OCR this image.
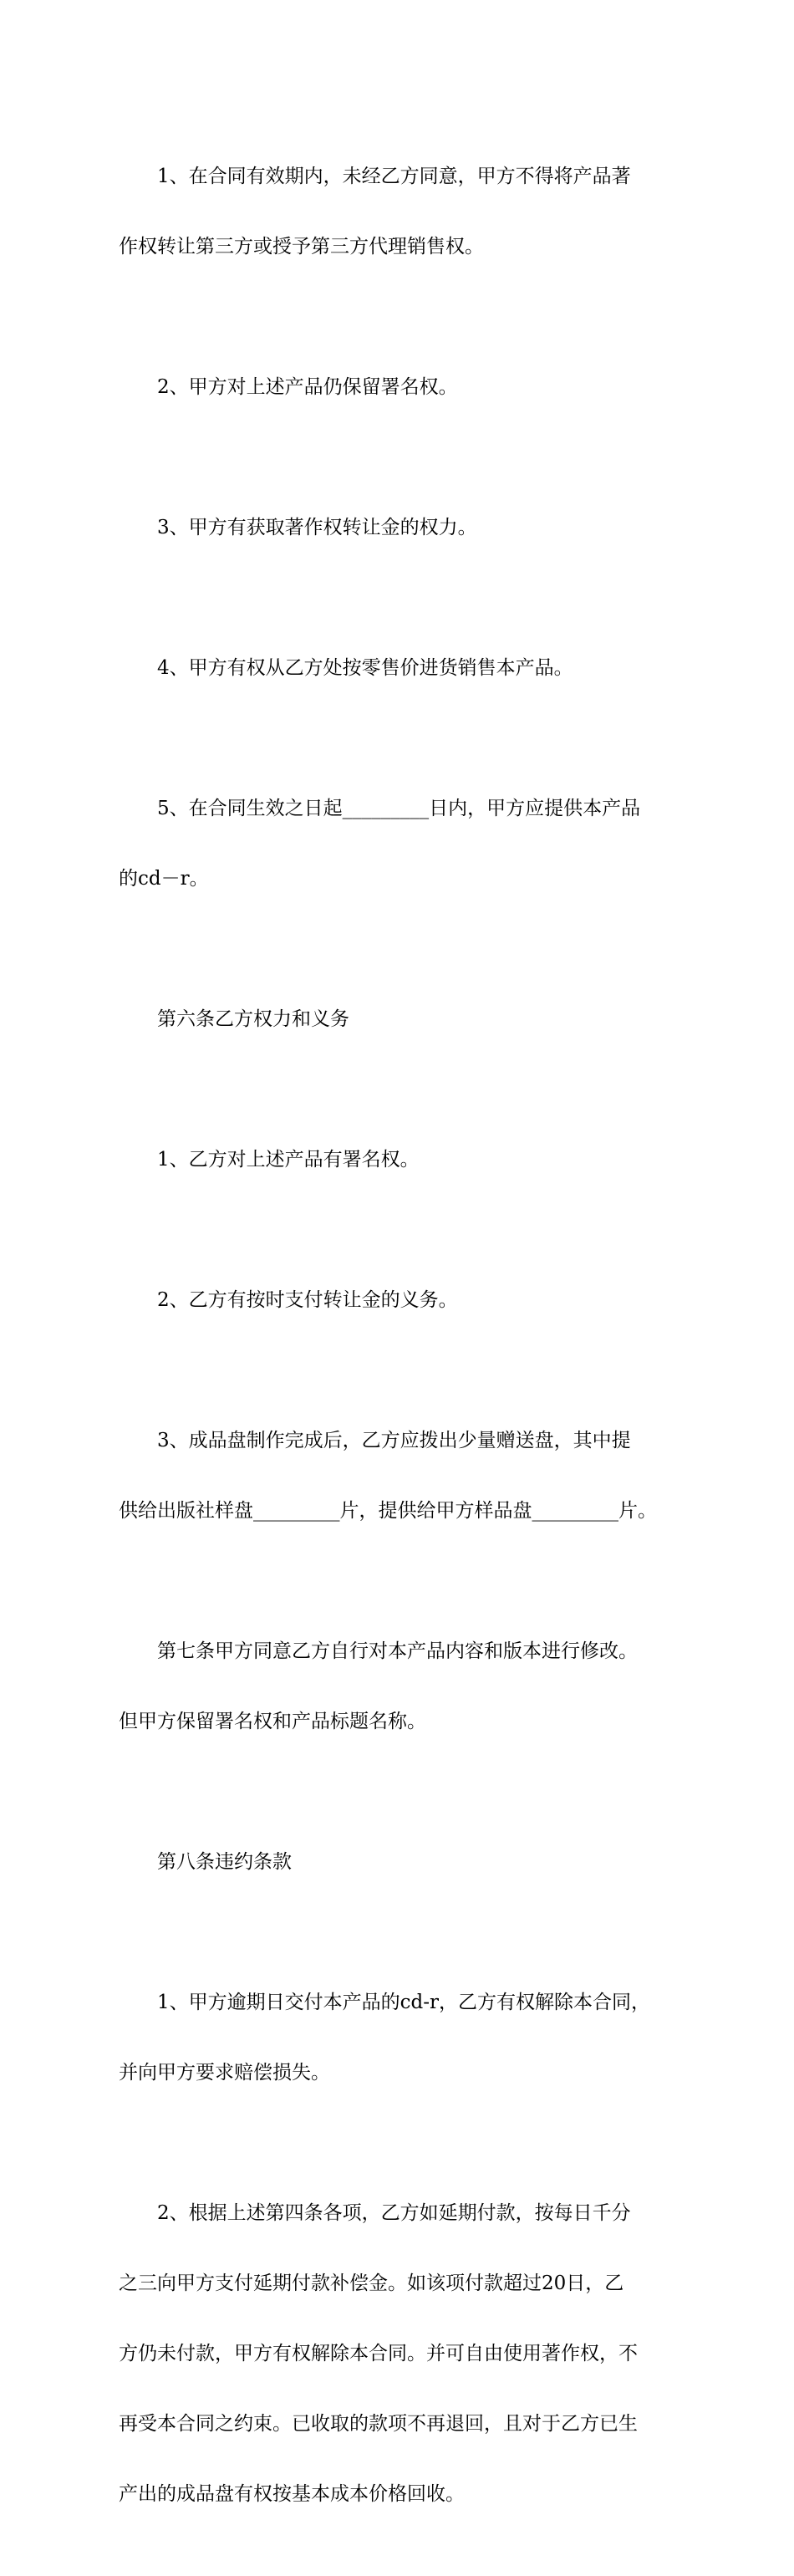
1、在合同有效期内，未经乙方同意，甲方不得将产品著

作权转让第三方或授予第三方代理销售权。

2、甲方对上述产品仍保留署名权。

3、甲方有获取著作权转让金的权力。

4、甲方有权从乙方处按零售价进货销售本产品。

5、在合同生效之日起_________日内，甲方应提供本产品

的cd－r。

第六条乙方权力和义务

1、乙方对上述产品有署名权。

2、乙方有按时支付转让金的义务。

3、成品盘制作完成后，乙方应拨出少量赠送盘，其中提

供给出版社样盘_________片，提供给甲方样品盘_________片。

第七条甲方同意乙方自行对本产品内容和版本进行修改。

但甲方保留署名权和产品标题名称。

第八条违约条款

1、甲方逾期日交付本产品的cd-r，乙方有权解除本合同，

并向甲方要求赔偿损失。

2、根据上述第四条各项，乙方如延期付款，按每日千分

之三向甲方支付延期付款补偿金。如该项付款超过20日，乙

方仍未付款，甲方有权解除本合同。并可自由使用著作权，不

再受本合同之约束。已收取的款项不再退回，且对于乙方已生

产出的成品盘有权按基本成本价格回收。
